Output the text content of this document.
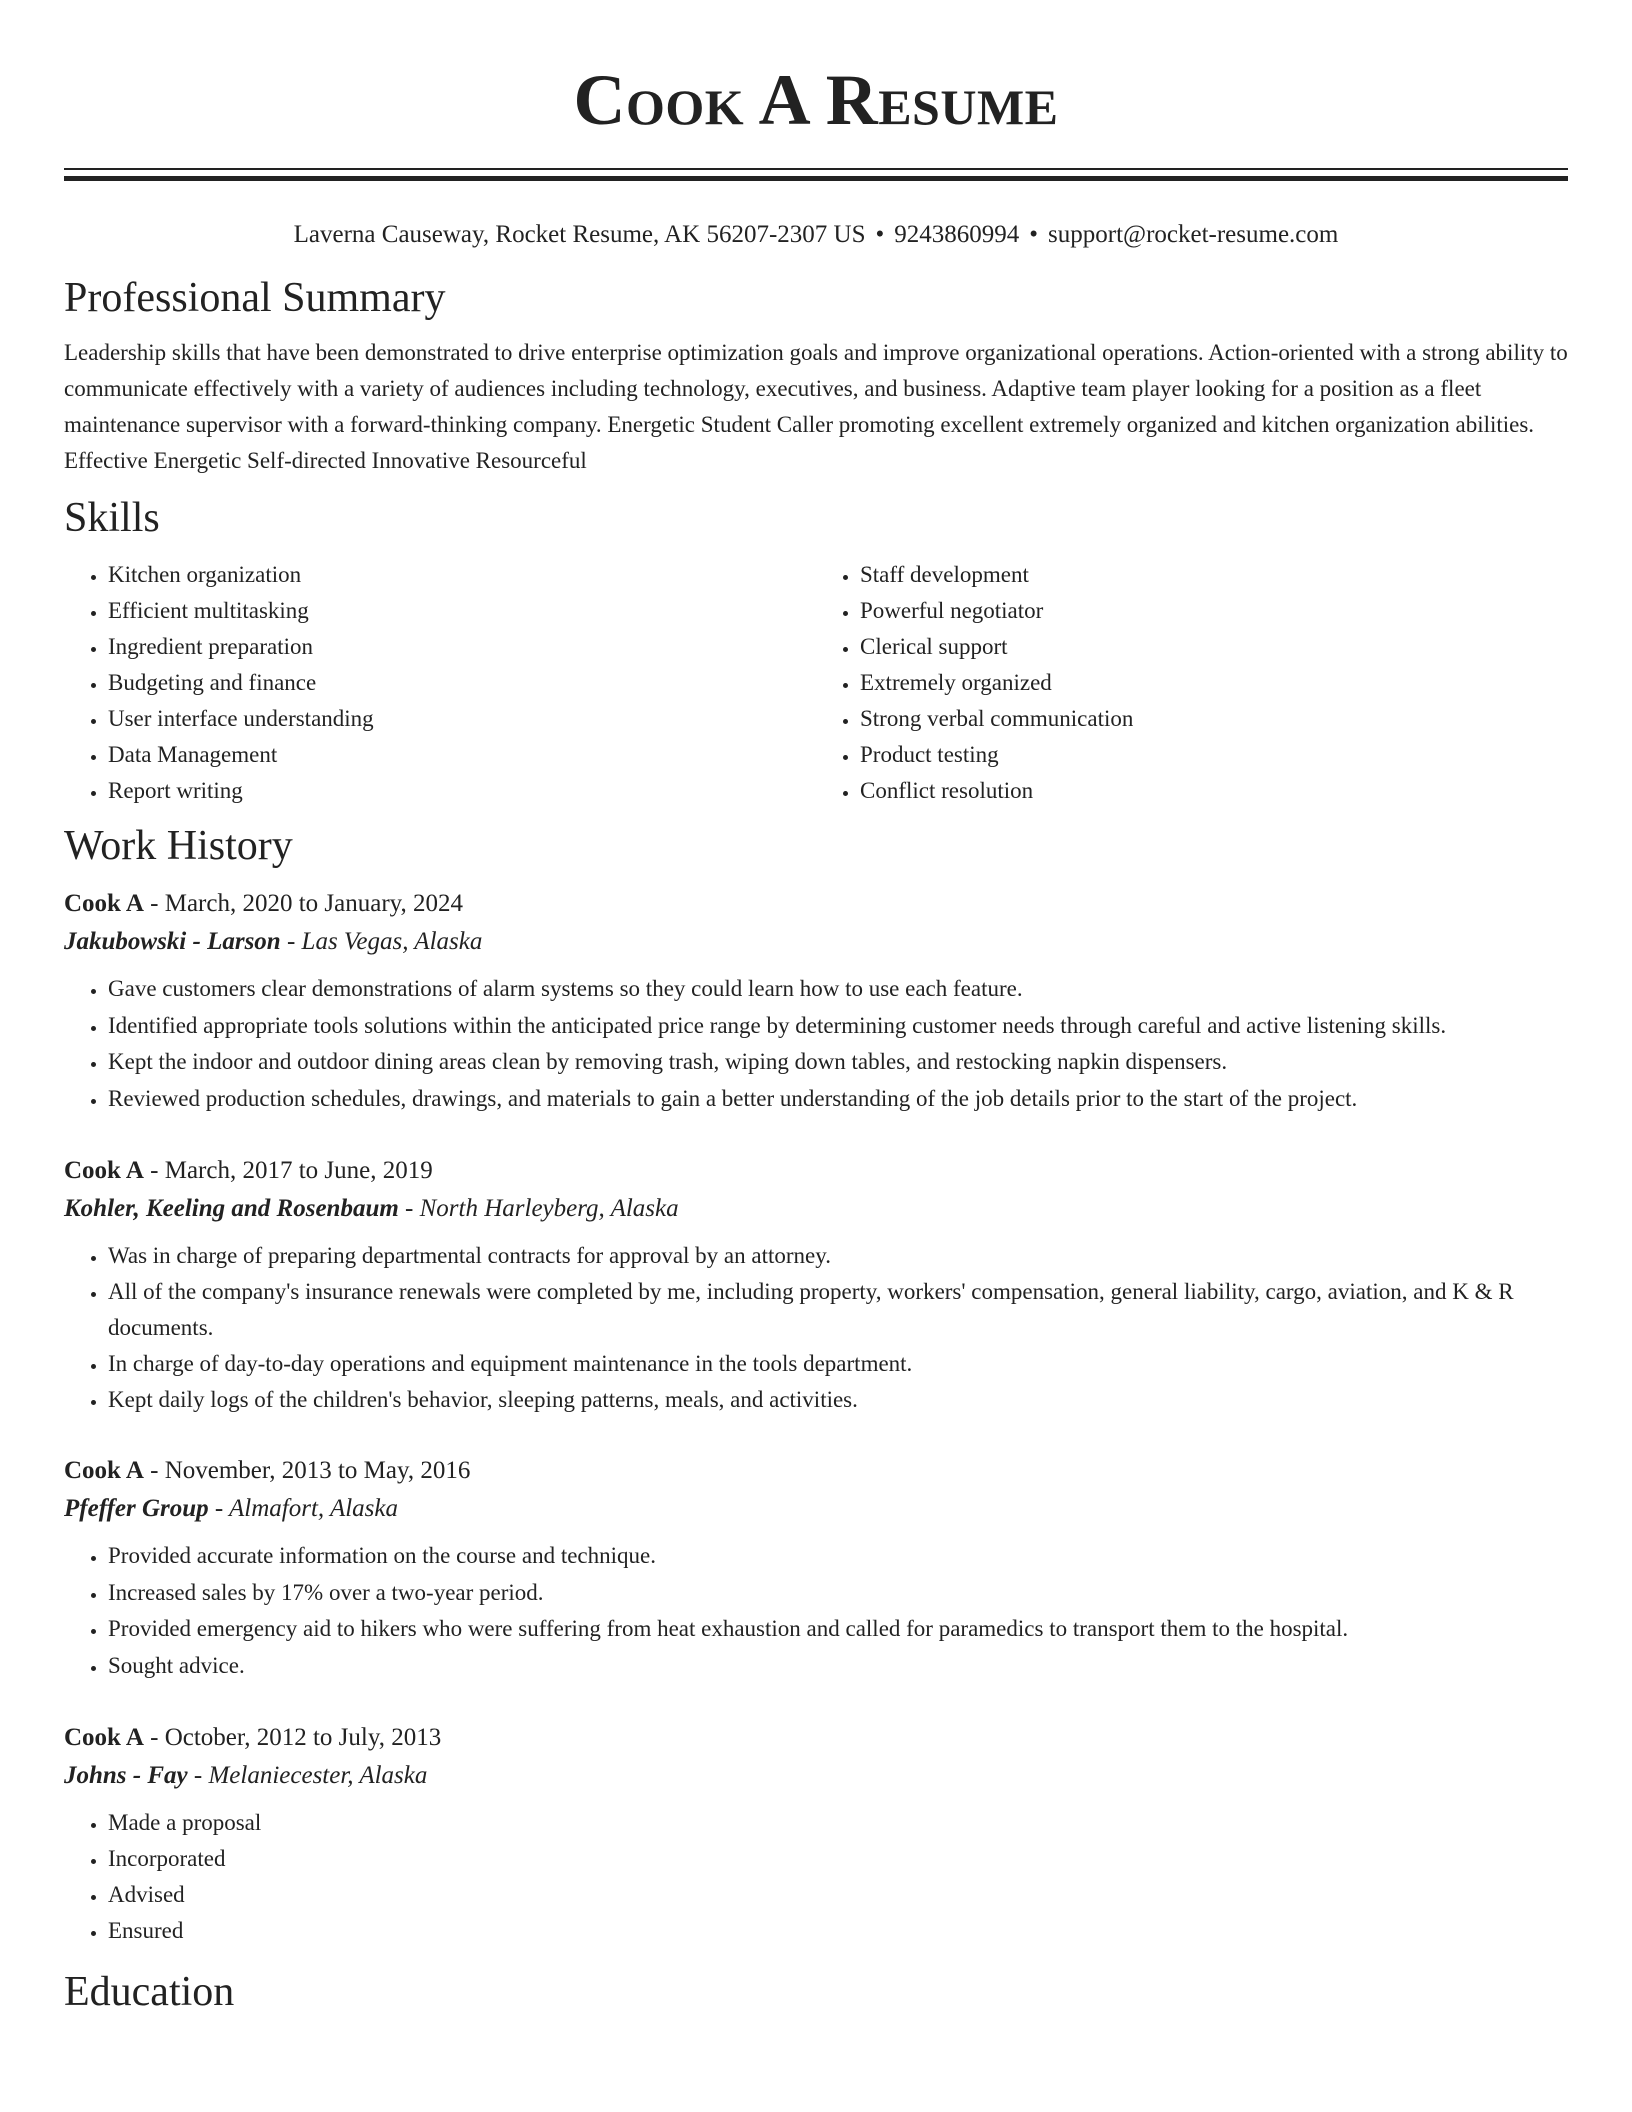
Cook A Resume
Laverna Causeway, Rocket Resume, AK 56207-2307 US • 9243860994 • support@rocket-resume.com
Professional Summary

Leadership skills that have been demonstrated to drive enterprise optimization goals and improve organizational operations. Action-oriented with a strong ability to communicate effectively with a variety of audiences including technology, executives, and business. Adaptive team player looking for a position as a fleet maintenance supervisor with a forward-thinking company. Energetic Student Caller promoting excellent extremely organized and kitchen organization abilities. Effective Energetic Self-directed Innovative Resourceful

Skills
• Kitchen organization
• Efficient multitasking
• Ingredient preparation
• Budgeting and finance
• User interface understanding
• Data Management
• Report writing
• Staff development
• Powerful negotiator
• Clerical support
• Extremely organized
• Strong verbal communication
• Product testing
• Conflict resolution
Work History

Cook A - March, 2020 to January, 2024

Jakubowski - Larson - Las Vegas, Alaska

• Gave customers clear demonstrations of alarm systems so they could learn how to use each feature.
• Identified appropriate tools solutions within the anticipated price range by determining customer needs through careful and active listening skills.
• Kept the indoor and outdoor dining areas clean by removing trash, wiping down tables, and restocking napkin dispensers.
• Reviewed production schedules, drawings, and materials to gain a better understanding of the job details prior to the start of the project.

Cook A - March, 2017 to June, 2019

Kohler, Keeling and Rosenbaum - North Harleyberg, Alaska

• Was in charge of preparing departmental contracts for approval by an attorney.
• All of the company's insurance renewals were completed by me, including property, workers' compensation, general liability, cargo, aviation, and K & R documents.
• In charge of day-to-day operations and equipment maintenance in the tools department.
• Kept daily logs of the children's behavior, sleeping patterns, meals, and activities.

Cook A - November, 2013 to May, 2016

Pfeffer Group - Almafort, Alaska

• Provided accurate information on the course and technique.
• Increased sales by 17% over a two-year period.
• Provided emergency aid to hikers who were suffering from heat exhaustion and called for paramedics to transport them to the hospital.
• Sought advice.

Cook A - October, 2012 to July, 2013

Johns - Fay - Melaniecester, Alaska

• Made a proposal
• Incorporated
• Advised
• Ensured
Education
